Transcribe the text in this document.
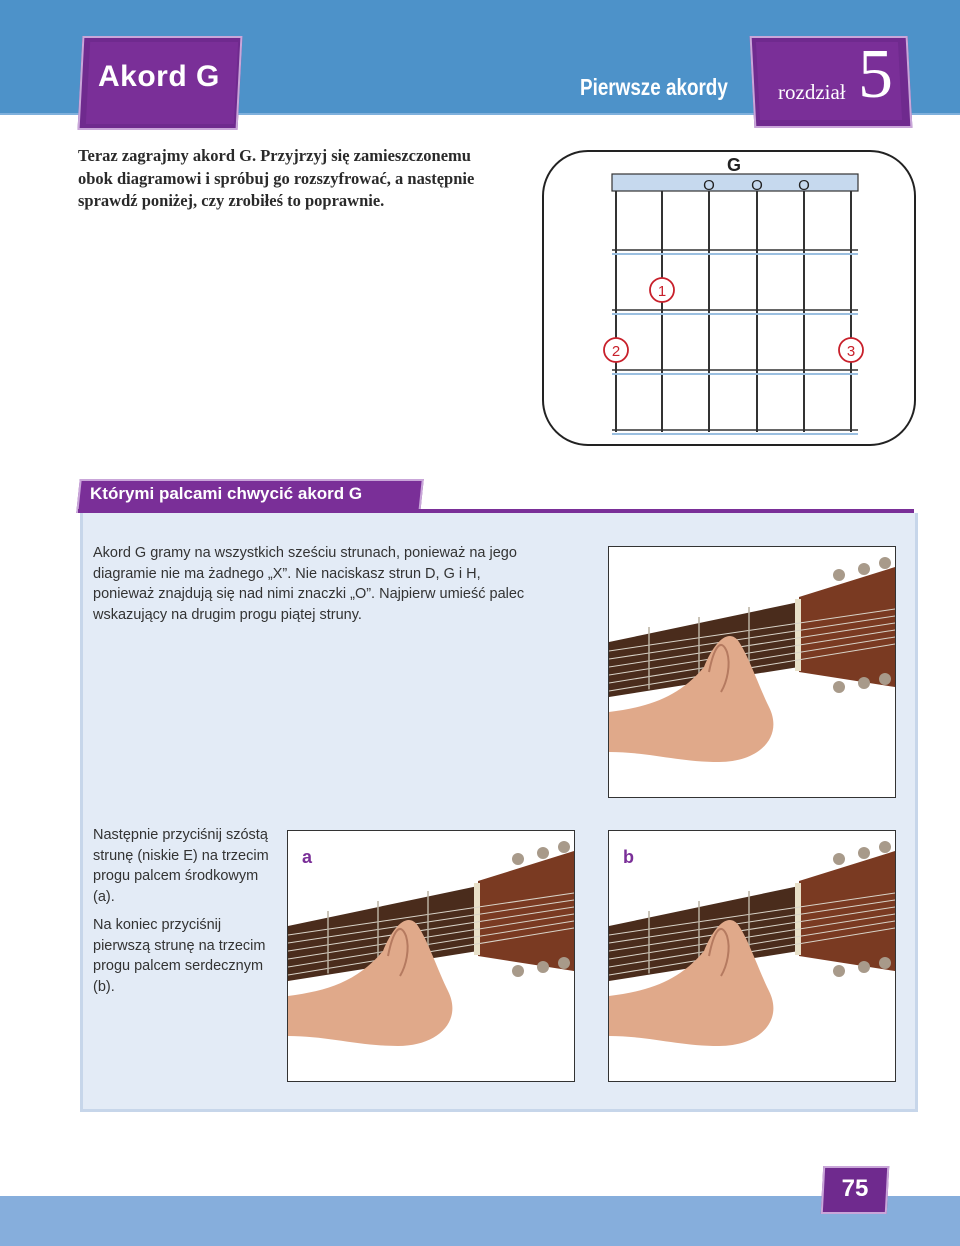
Akord G	Pierwsze akordy rozdział 5
Teraz zagrajmy akord G. Przyjrzyj się zamieszczonemu obok diagramowi i spróbuj go rozszyfrować, a następnie sprawdź poniżej, czy zrobiłeś to poprawnie.
G
O O O
1
2	3
Którymi palcami chwycić akord G
Akord G gramy na wszystkich sześciu strunach, ponieważ na jego diagramie nie ma żadnego „X”. Nie naciskasz strun D, G i H, ponieważ znajdują się nad nimi znaczki „O”. Najpierw umieść palec wskazujący na drugim progu piątej struny.
Następnie przyciśnij szóstą strunę (niskie E) na trzecim progu palcem środkowym (a).
Na koniec przyciśnij pierwszą strunę na trzecim progu palcem serdecznym (b).
a	b
75
